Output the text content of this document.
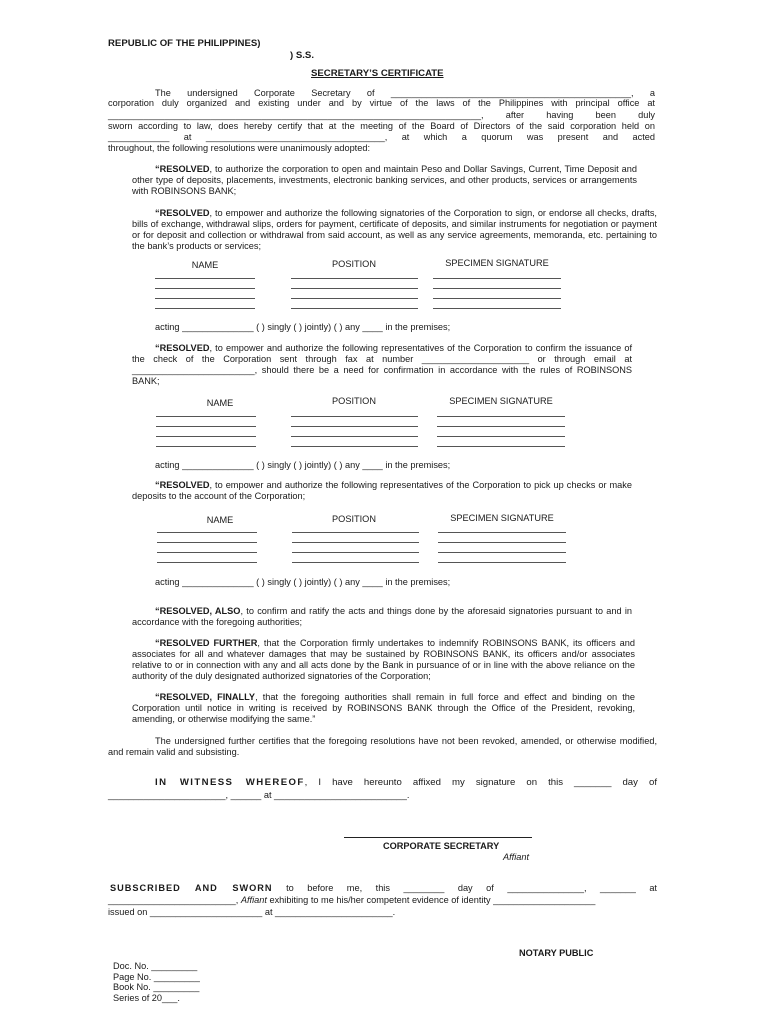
REPUBLIC OF THE PHILIPPINES)
) S.S.
SECRETARY’S CERTIFICATE
The undersigned Corporate Secretary of _______________________________________________, a
corporation duly organized and existing under and by virtue of the laws of the Philippines with principal office at
_________________________________________________________________________, after having been duly
sworn according to law, does hereby certify that at the meeting of the Board of Directors of the said corporation held on
____________ at ___________________________________, at which a quorum was present and acted
throughout, the following resolutions were unanimously adopted:
“RESOLVED, to authorize the corporation to open and maintain Peso and Dollar Savings, Current, Time Deposit and other type of deposits, placements, investments, electronic banking services, and other products, services or arrangements with ROBINSONS BANK;
“RESOLVED, to empower and authorize the following signatories of the Corporation to sign, or endorse all checks, drafts, bills of exchange, withdrawal slips, orders for payment, certificate of deposits, and similar instruments for negotiation or payment or for deposit and collection or withdrawal from said account, as well as any service agreements, memoranda, etc. pertaining to the bank’s products or services;
NAME	POSITION	SPECIMEN SIGNATURE
acting ______________ ( ) singly ( ) jointly) ( ) any ____ in the premises;
“RESOLVED, to empower and authorize the following representatives of the Corporation to confirm the issuance of the check of the Corporation sent through fax at number _____________________ or through email at ________________________, should there be a need for confirmation in accordance with the rules of ROBINSONS BANK;
NAME	POSITION	SPECIMEN SIGNATURE
acting ______________ ( ) singly ( ) jointly) ( ) any ____ in the premises;
“RESOLVED, to empower and authorize the following representatives of the Corporation to pick up checks or make deposits to the account of the Corporation;
NAME	POSITION	SPECIMEN SIGNATURE
acting ______________ ( ) singly ( ) jointly) ( ) any ____ in the premises;
“RESOLVED, ALSO, to confirm and ratify the acts and things done by the aforesaid signatories pursuant to and in accordance with the foregoing authorities;
“RESOLVED FURTHER, that the Corporation firmly undertakes to indemnify ROBINSONS BANK, its officers and associates for all and whatever damages that may be sustained by ROBINSONS BANK, its officers and/or associates relative to or in connection with any and all acts done by the Bank in pursuance of or in line with the above reliance on the authority of the duly designated authorized signatories of the Corporation;
“RESOLVED, FINALLY, that the foregoing authorities shall remain in full force and effect and binding on the Corporation until notice in writing is received by ROBINSONS BANK through the Office of the President, revoking, amending, or otherwise modifying the same.”
The undersigned further certifies that the foregoing resolutions have not been revoked, amended, or otherwise modified, and remain valid and subsisting.
IN WITNESS WHEREOF, I have hereunto affixed my signature on this _______ day of
_______________________, ______ at __________________________.
CORPORATE SECRETARY
Affiant
SUBSCRIBED AND SWORN to before me, this ________ day of _______________, _______ at
_________________________, Affiant exhibiting to me his/her competent evidence of identity ____________________
issued on ______________________ at _______________________.
NOTARY PUBLIC
Doc. No. _________
Page No. _________
Book No. _________
Series of 20___.
